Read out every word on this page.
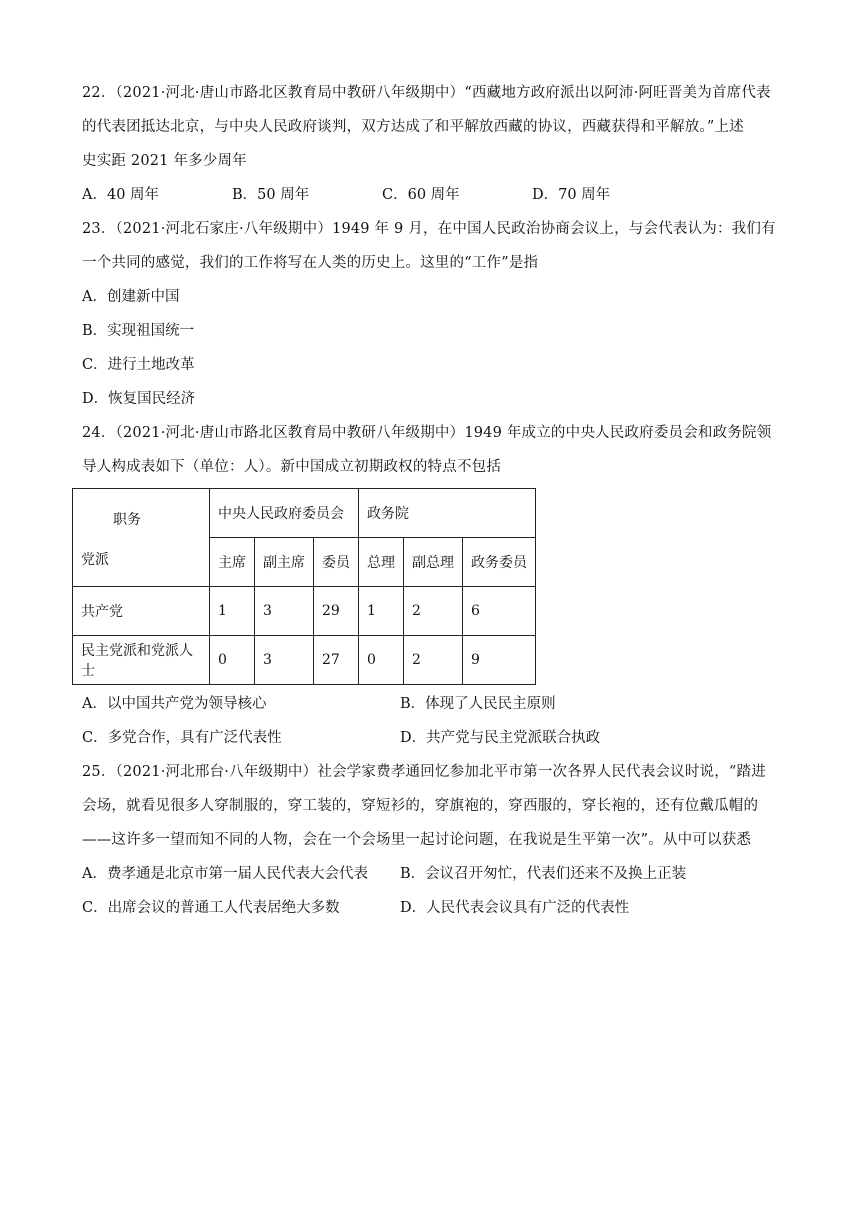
22．（2021·河北·唐山市路北区教育局中教研八年级期中）“西藏地方政府派出以阿沛·阿旺晋美为首席代表

的代表团抵达北京，与中央人民政府谈判，双方达成了和平解放西藏的协议，西藏获得和平解放。”上述

史实距 2021 年多少周年

A．40 周年	B．50 周年	C．60 周年	D．70 周年

23．（2021·河北石家庄·八年级期中）1949 年 9 月，在中国人民政治协商会议上，与会代表认为：我们有

一个共同的感觉，我们的工作将写在人类的历史上。这里的“工作”是指

A．创建新中国

B．实现祖国统一

C．进行土地改革

D．恢复国民经济

24．（2021·河北·唐山市路北区教育局中教研八年级期中）1949 年成立的中央人民政府委员会和政务院领

导人构成表如下（单位：人）。新中国成立初期政权的特点不包括

职务
党派	中央人民政府委员会			政务院		
	主席	副主席	委员	总理	副总理	政务委员
共产党	1	3	29	1	2	6
民主党派和党派人士	0	3	27	0	2	9

A．以中国共产党为领导核心	B．体现了人民民主原则

C．多党合作，具有广泛代表性	D．共产党与民主党派联合执政

25．（2021·河北邢台·八年级期中）社会学家费孝通回忆参加北平市第一次各界人民代表会议时说，“踏进

会场，就看见很多人穿制服的，穿工装的，穿短衫的，穿旗袍的，穿西服的，穿长袍的，还有位戴瓜帽的

——这许多一望而知不同的人物，会在一个会场里一起讨论问题，在我说是生平第一次”。从中可以获悉

A．费孝通是北京市第一届人民代表大会代表	B．会议召开匆忙，代表们还来不及换上正装

C．出席会议的普通工人代表居绝大多数	D．人民代表会议具有广泛的代表性
